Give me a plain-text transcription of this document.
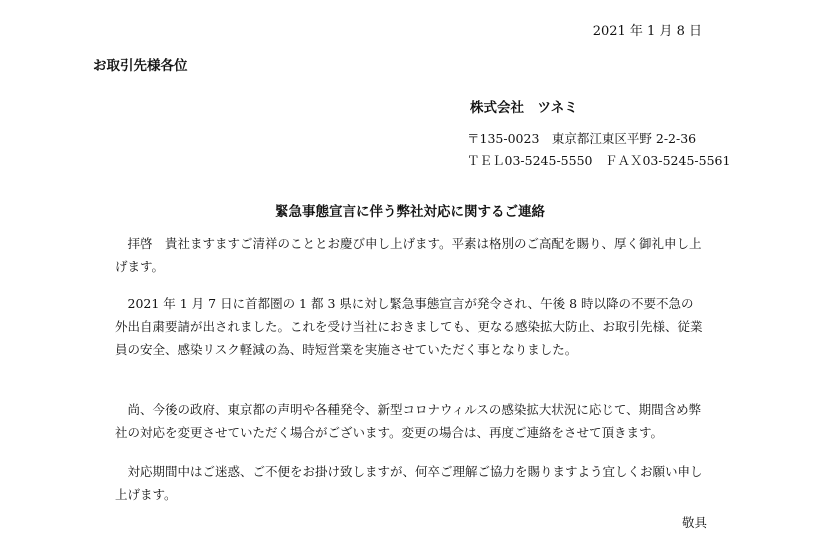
2021 年 1 月 8 日
お取引先様各位
株式会社　ツネミ
〒135-0023　東京都江東区平野 2-2-36
ＴＥＬ03-5245-5550　ＦＡＸ03-5245-5561
緊急事態宣言に伴う弊社対応に関するご連絡
拝啓　貴社ますますご清祥のこととお慶び申し上げます。平素は格別のご高配を賜り、厚く御礼申し上げます。
2021 年 1 月 7 日に首都圏の 1 都 3 県に対し緊急事態宣言が発令され、午後 8 時以降の不要不急の外出自粛要請が出されました。これを受け当社におきましても、更なる感染拡大防止、お取引先様、従業員の安全、感染リスク軽減の為、時短営業を実施させていただく事となりました。
尚、今後の政府、東京都の声明や各種発令、新型コロナウィルスの感染拡大状況に応じて、期間含め弊社の対応を変更させていただく場合がございます。変更の場合は、再度ご連絡をさせて頂きます。
対応期間中はご迷惑、ご不便をお掛け致しますが、何卒ご理解ご協力を賜りますよう宜しくお願い申し上げます。
敬具
